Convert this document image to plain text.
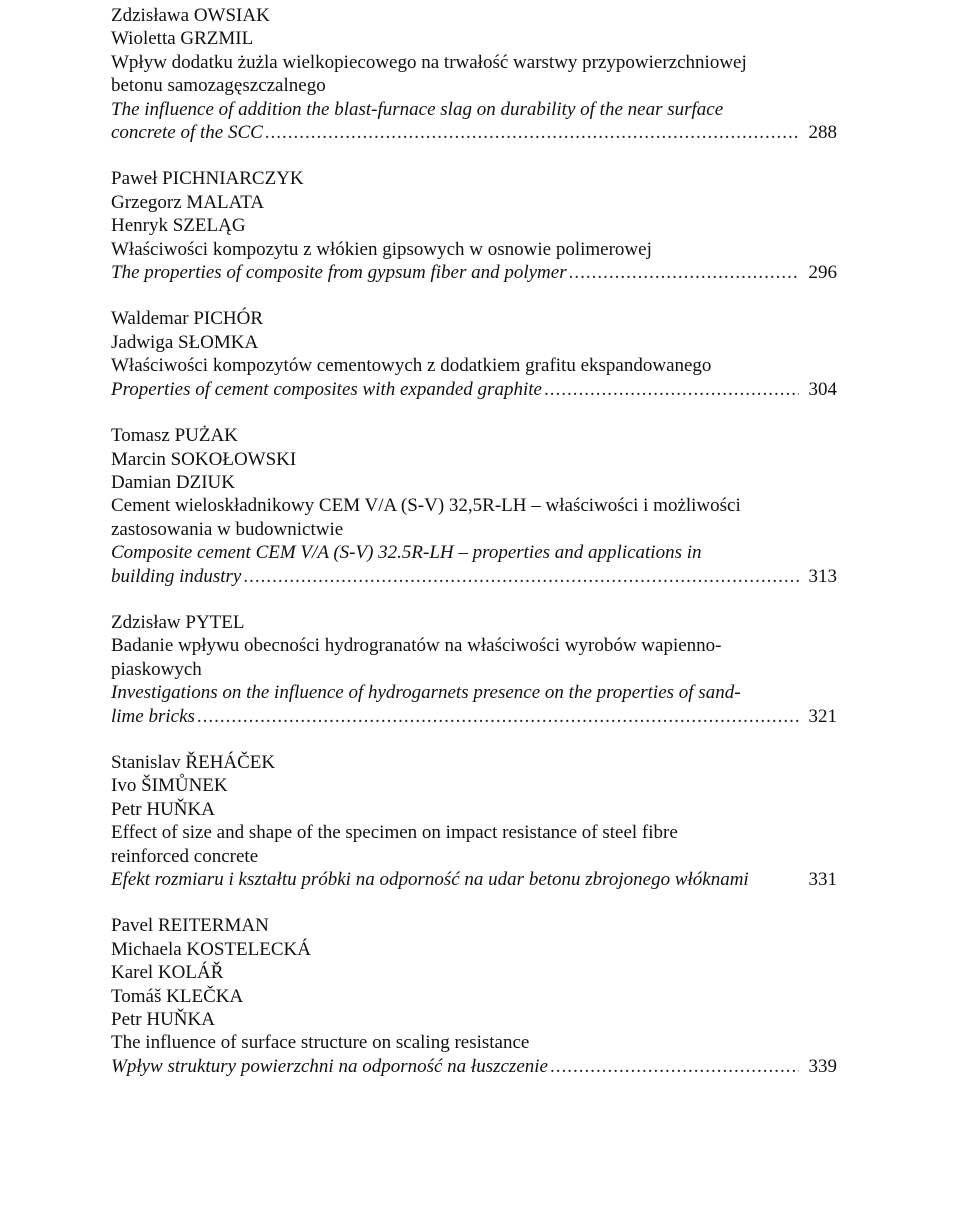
Zdzisława OWSIAK
Wioletta GRZMIL
Wpływ dodatku żużla wielkopiecowego na trwałość warstwy przypowierzchniowej
betonu samozagęszczalnego
The influence of addition the blast-furnace slag on durability of the near surface
concrete of the SCC .....	288
Paweł PICHNIARCZYK
Grzegorz MALATA
Henryk SZELĄG
Właściwości kompozytu z włókien gipsowych w osnowie polimerowej
The properties of composite from gypsum fiber and polymer .....	296
Waldemar PICHÓR
Jadwiga SŁOMKA
Właściwości kompozytów cementowych z dodatkiem grafitu ekspandowanego
Properties of cement composites with expanded graphite .....	304
Tomasz PUŻAK
Marcin SOKOŁOWSKI
Damian DZIUK
Cement wieloskładnikowy CEM V/A (S-V) 32,5R-LH – właściwości i możliwości
zastosowania w budownictwie
Composite cement CEM V/A (S-V) 32.5R-LH – properties and applications in
building industry .....	313
Zdzisław PYTEL
Badanie wpływu obecności hydrogranatów na właściwości wyrobów wapienno-
piaskowych
Investigations on the influence of hydrogarnets presence on the properties of sand-
lime bricks .....	321
Stanislav ŘEHÁČEK
Ivo ŠIMŮNEK
Petr HUŇKA
Effect of size and shape of the specimen on impact resistance of steel fibre
reinforced concrete
Efekt rozmiaru i kształtu próbki na odporność na udar betonu zbrojonego włóknami	331
Pavel REITERMAN
Michaela KOSTELECKÁ
Karel KOLÁŘ
Tomáš KLEČKA
Petr HUŇKA
The influence of surface structure on scaling resistance
Wpływ struktury powierzchni na odporność na łuszczenie .....	339
